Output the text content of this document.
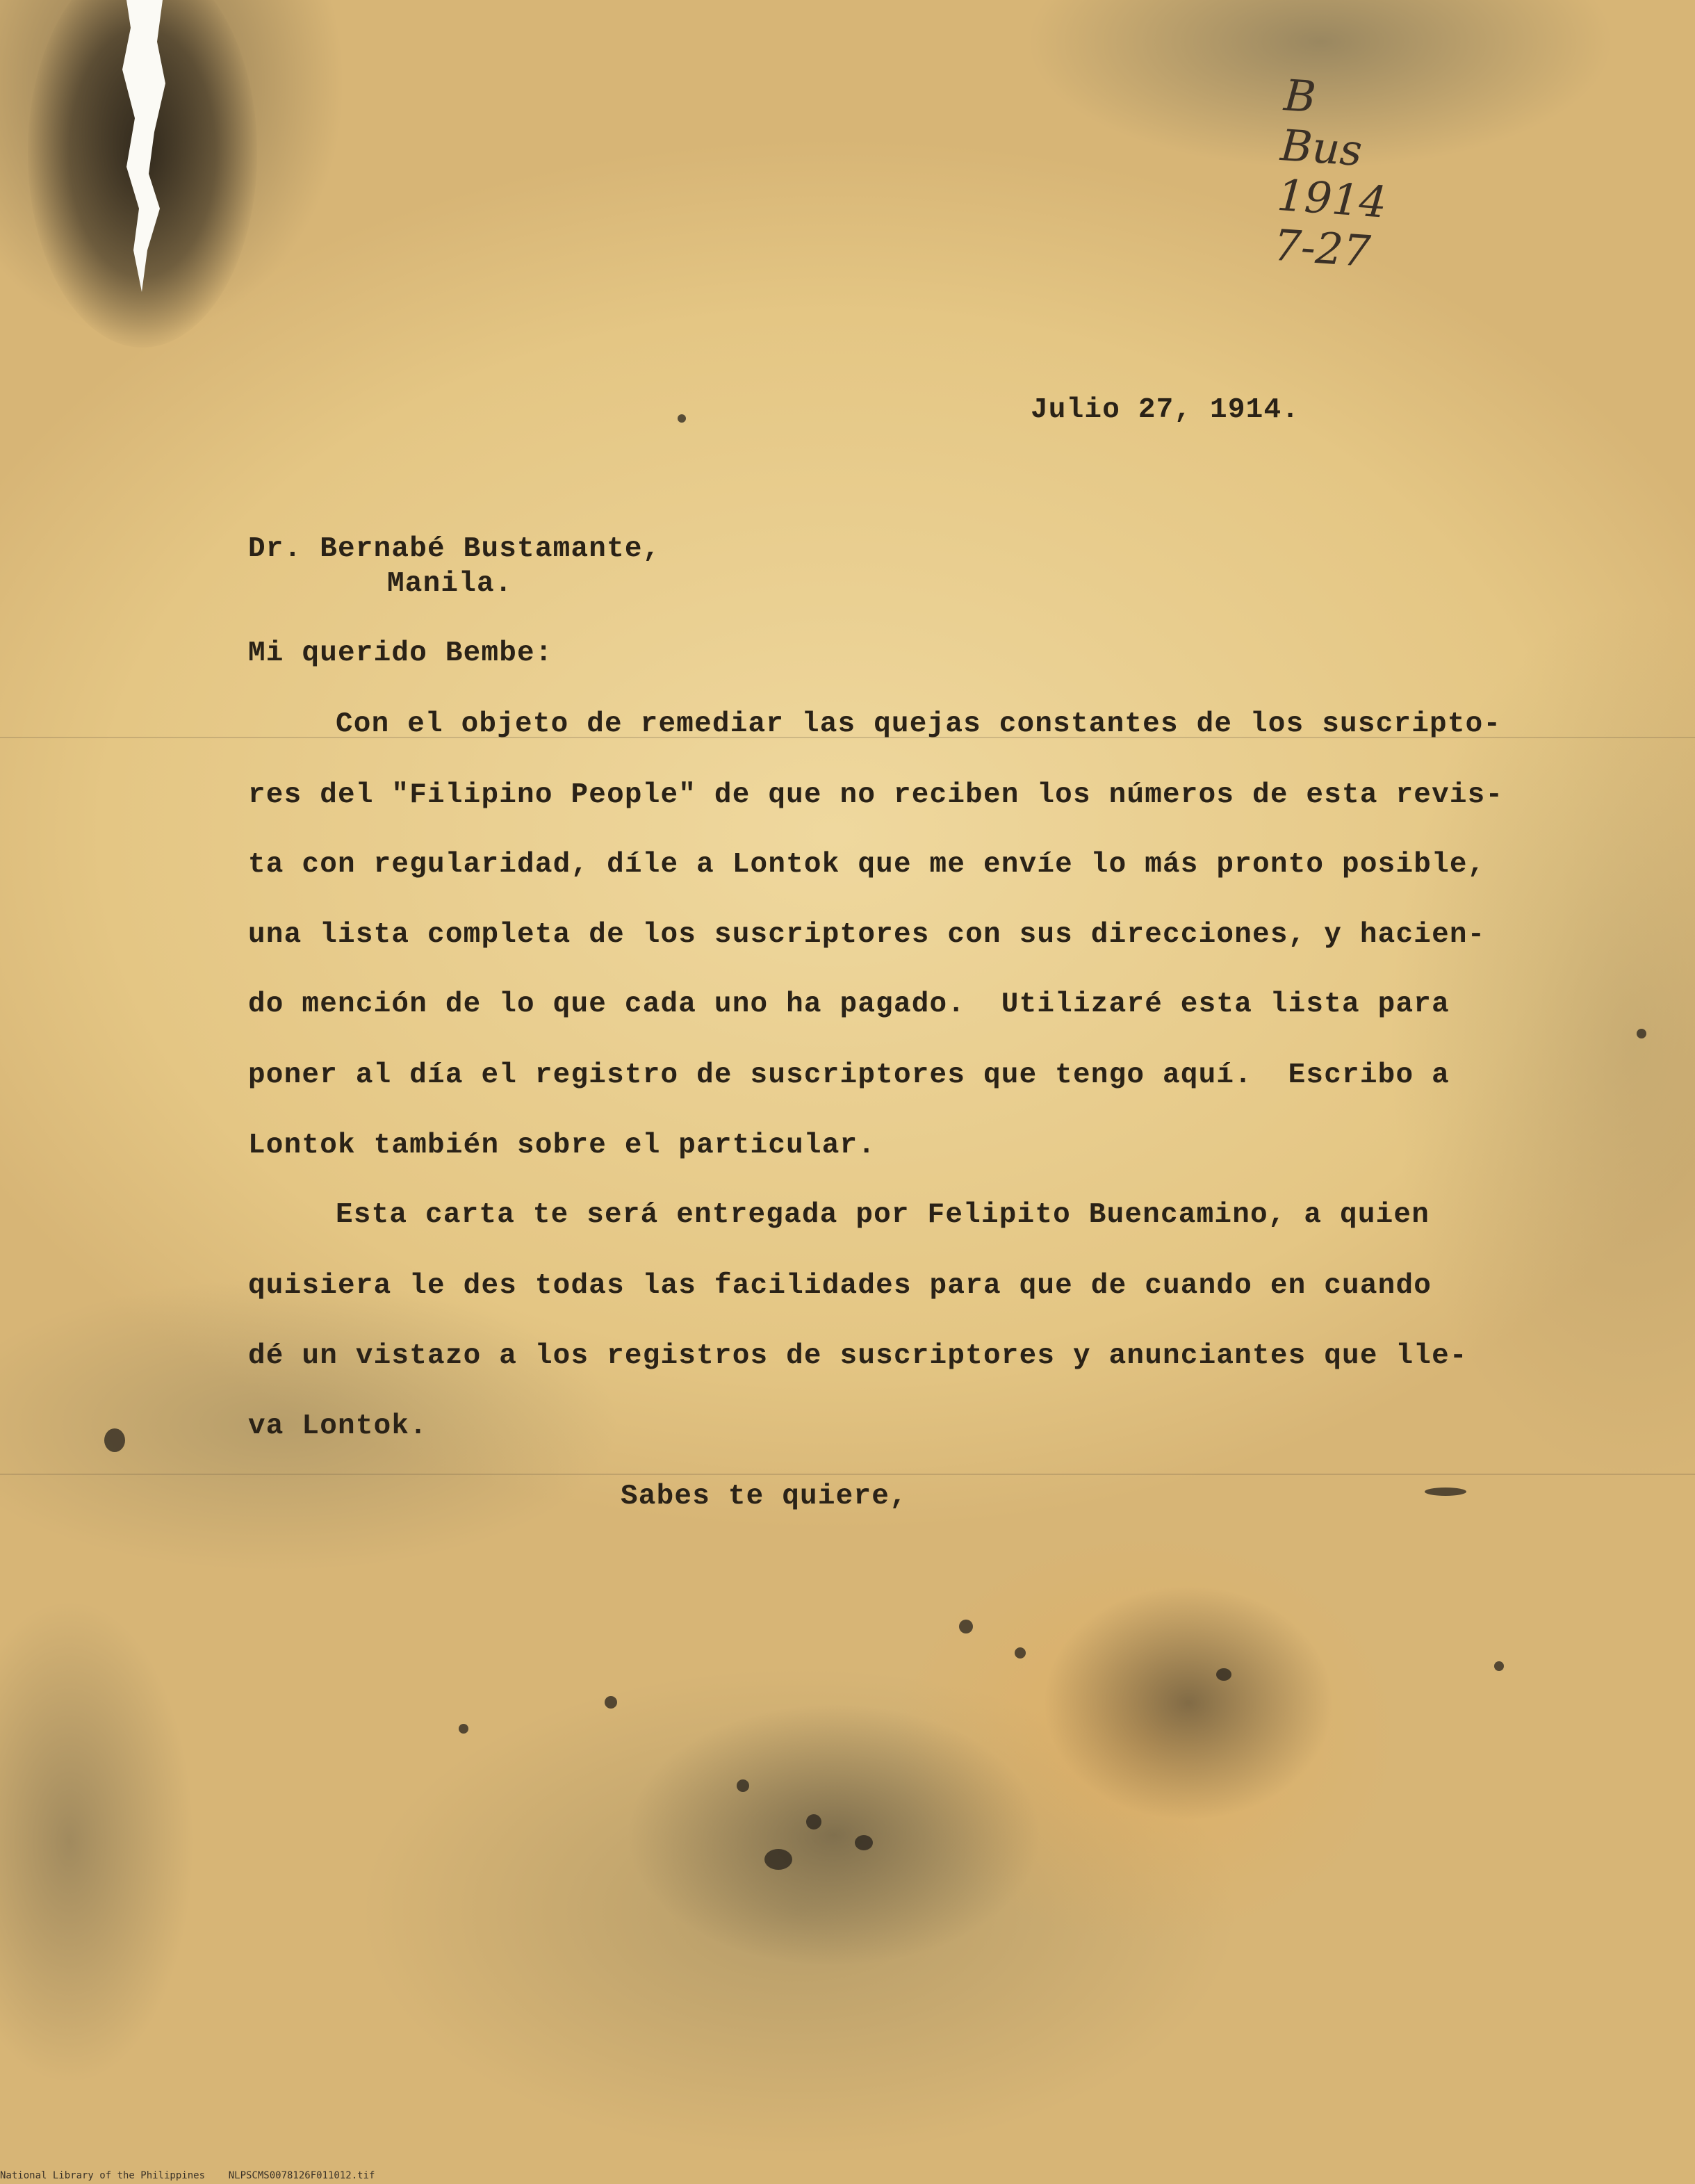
B
Bus
1914
7-27
Julio 27, 1914.
Dr. Bernabé Bustamante,
Manila.
Mi querido Bembe:
Con el objeto de remediar las quejas constantes de los suscripto-
res del "Filipino People" de que no reciben los números de esta revis-
ta con regularidad, díle a Lontok que me envíe lo más pronto posible,
una lista completa de los suscriptores con sus direcciones, y hacien-
do mención de lo que cada uno ha pagado.  Utilizaré esta lista para
poner al día el registro de suscriptores que tengo aquí.  Escribo a
Lontok también sobre el particular.
Esta carta te será entregada por Felipito Buencamino, a quien
quisiera le des todas las facilidades para que de cuando en cuando
dé un vistazo a los registros de suscriptores y anunciantes que lle-
va Lontok.
Sabes te quiere,
National Library of the Philippines    NLPSCMS0078126F011012.tif
